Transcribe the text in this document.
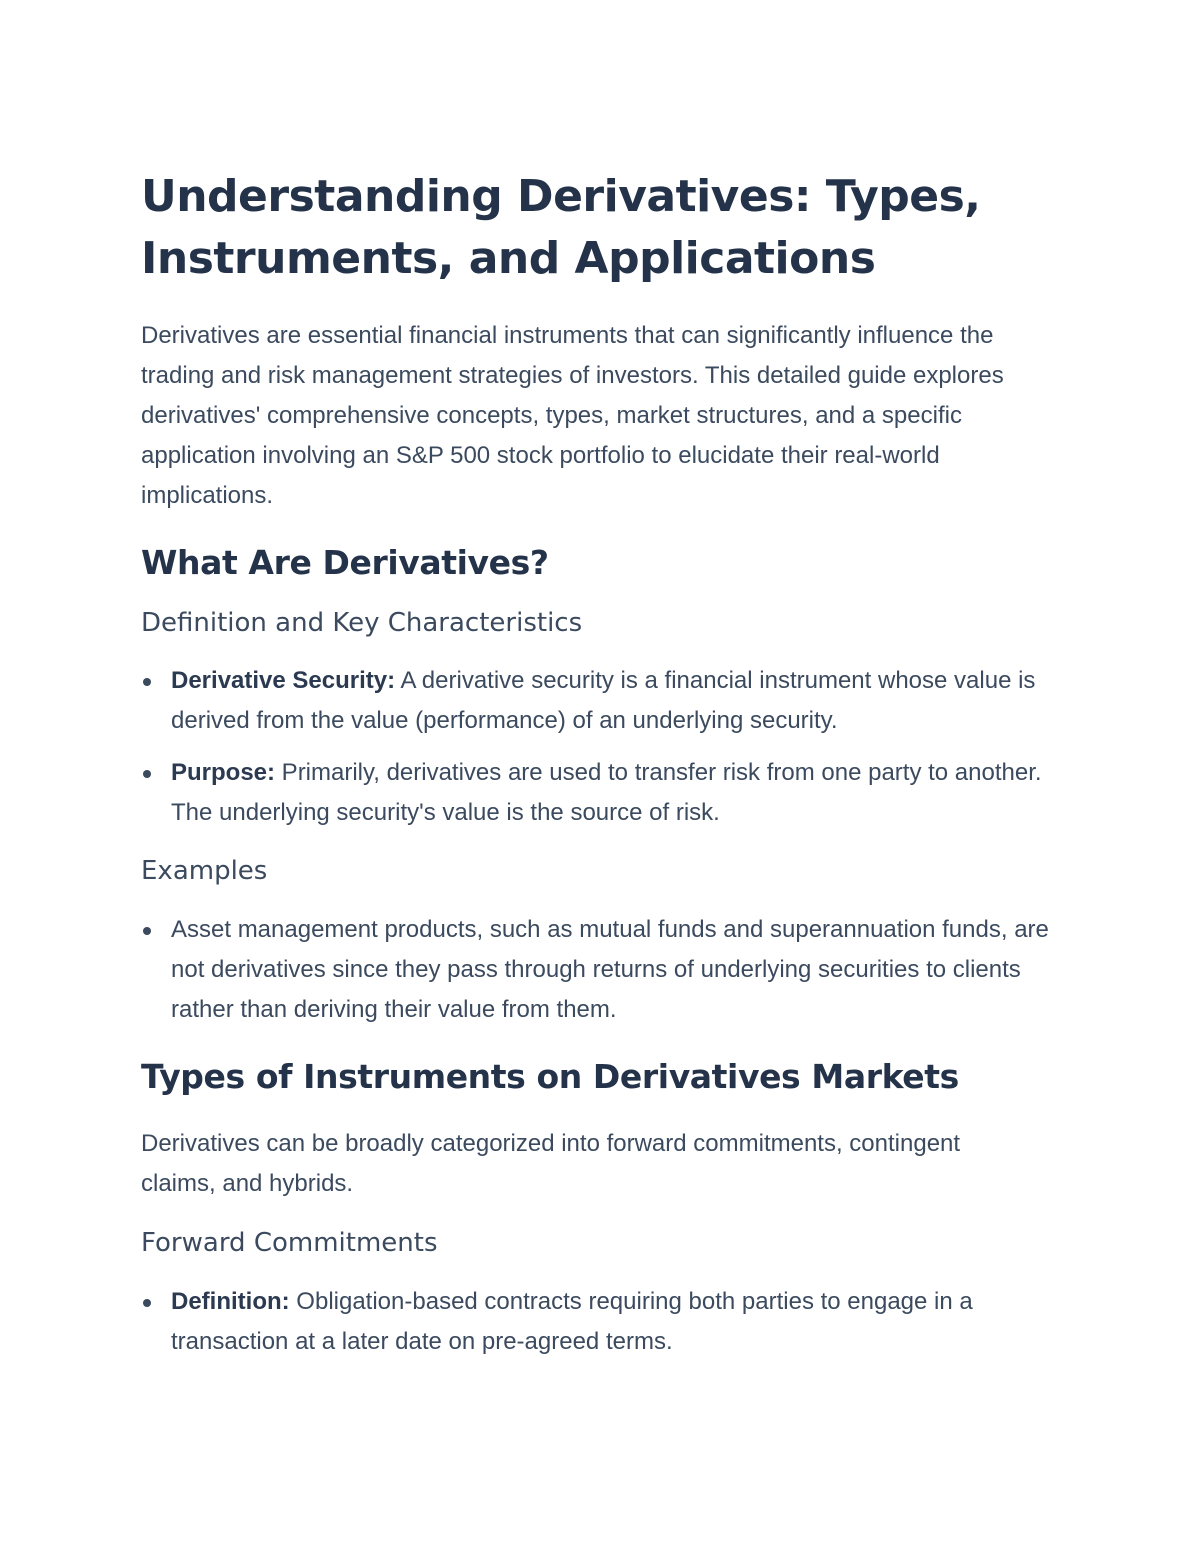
Understanding Derivatives: Types, Instruments, and Applications

Derivatives are essential financial instruments that can significantly influence the trading and risk management strategies of investors. This detailed guide explores derivatives' comprehensive concepts, types, market structures, and a specific application involving an S&P 500 stock portfolio to elucidate their real-world implications.

What Are Derivatives?
Definition and Key Characteristics
Derivative Security: A derivative security is a financial instrument whose value is derived from the value (performance) of an underlying security.
Purpose: Primarily, derivatives are used to transfer risk from one party to another. The underlying security's value is the source of risk.
Examples
Asset management products, such as mutual funds and superannuation funds, are not derivatives since they pass through returns of underlying securities to clients rather than deriving their value from them.
Types of Instruments on Derivatives Markets

Derivatives can be broadly categorized into forward commitments, contingent claims, and hybrids.

Forward Commitments
Definition: Obligation-based contracts requiring both parties to engage in a transaction at a later date on pre-agreed terms.
